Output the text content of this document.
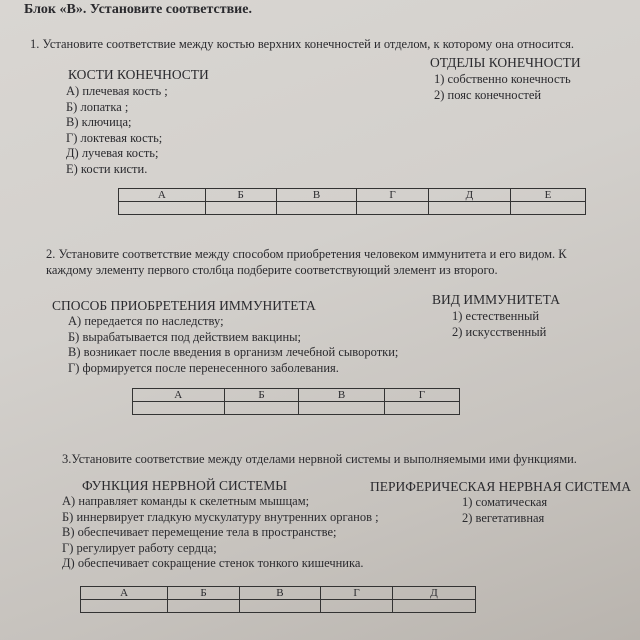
Блок «В». Установите соответствие.
1. Установите соответствие между костью верхних конечностей и отделом, к которому она относится.
КОСТИ КОНЕЧНОСТИ
А) плечевая кость ;
Б) лопатка ;
В) ключица;
Г) локтевая кость;
Д) лучевая кость;
Е) кости кисти.
ОТДЕЛЫ КОНЕЧНОСТИ
1) собственно конечность
2) пояс конечностей
А	Б	В	Г	Д	Е

2. Установите соответствие между способом приобретения человеком иммунитета и его видом. К
каждому элементу первого столбца подберите соответствующий элемент из второго.
СПОСОБ ПРИОБРЕТЕНИЯ ИММУНИТЕТА
А) передается по наследству;
Б) вырабатывается под действием вакцины;
В) возникает после введения в организм лечебной сыворотки;
Г) формируется после перенесенного заболевания.
ВИД ИММУНИТЕТА
1) естественный
2) искусственный
А	Б	В	Г

3.Установите соответствие между отделами нервной системы и выполняемыми ими функциями.
ФУНКЦИЯ НЕРВНОЙ СИСТЕМЫ
А) направляет команды к скелетным мышцам;
Б) иннервирует гладкую мускулатуру внутренних органов ;
В) обеспечивает перемещение тела в пространстве;
Г) регулирует работу сердца;
Д) обеспечивает сокращение стенок тонкого кишечника.
ПЕРИФЕРИЧЕСКАЯ НЕРВНАЯ СИСТЕМА
1) соматическая
2) вегетативная
А	Б	В	Г	Д
